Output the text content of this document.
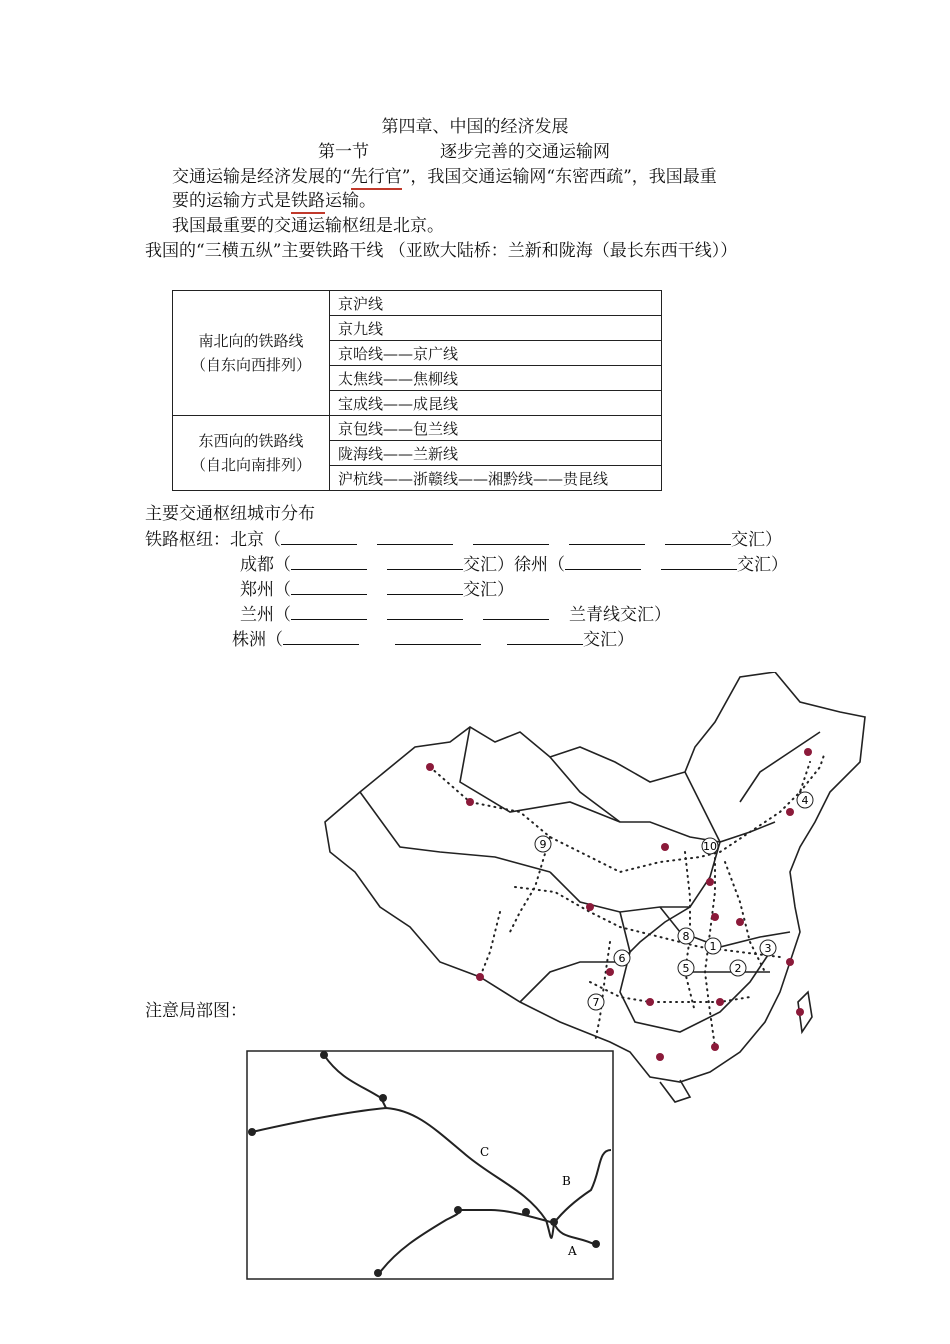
第四章、中国的经济发展
第一节	逐步完善的交通运输网
交通运输是经济发展的“先行官”，我国交通运输网“东密西疏”，我国最重
要的运输方式是铁路运输。
我国最重要的交通运输枢纽是北京。
我国的“三横五纵”主要铁路干线 （亚欧大陆桥：兰新和陇海（最长东西干线））
南北向的铁路线
（自东向西排列）	京沪线
	京九线
	京哈线——京广线
	太焦线——焦柳线
	宝成线——成昆线

东西向的铁路线
（自北向南排列）	京包线——包兰线
	陇海线——兰新线
	沪杭线——浙赣线——湘黔线——贵昆线
主要交通枢纽城市分布
铁路枢纽：北京（	交汇）
成都（	交汇）徐州（	交汇）
郑州（	交汇）
兰州（	兰青线交汇）
株洲（	交汇）
1
2
3
4
5
6
7
8
9	10
注意局部图：
C
B
A
